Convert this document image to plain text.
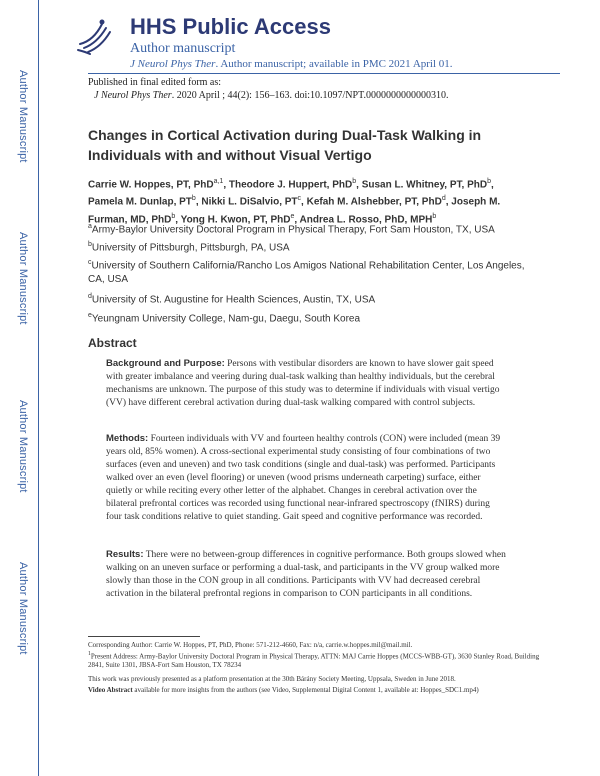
Author Manuscript
Author Manuscript
Author Manuscript
Author Manuscript
HHS Public Access
Author manuscript
J Neurol Phys Ther. Author manuscript; available in PMC 2021 April 01.
Published in final edited form as:
J Neurol Phys Ther. 2020 April ; 44(2): 156–163. doi:10.1097/NPT.0000000000000310.
Changes in Cortical Activation during Dual-Task Walking in Individuals with and without Visual Vertigo
Carrie W. Hoppes, PT, PhD$^{a,1}$, Theodore J. Huppert, PhD$^b$, Susan L. Whitney, PT, PhD$^b$, Pamela M. Dunlap, $PT^b$, Nikki L. DiSalvio, $PT^c$, Kefah M. Alshebber, PT, PhD$^d$, Joseph M. Furman, MD, PhD$^b$, Yong H. Kwon, PT, PhD$^e$, Andrea L. Rosso, PhD, MPH$^b$
$^a$Army-Baylor University Doctoral Program in Physical Therapy, Fort Sam Houston, TX, USA
$^b$University of Pittsburgh, Pittsburgh, PA, USA
$^c$University of Southern California/Rancho Los Amigos National Rehabilitation Center, Los Angeles, CA, USA
$^d$University of St. Augustine for Health Sciences, Austin, TX, USA
$^e$Yeungnam University College, Nam-gu, Daegu, South Korea
Abstract
Background and Purpose: Persons with vestibular disorders are known to have slower gait speed with greater imbalance and veering during dual-task walking than healthy individuals, but the cerebral mechanisms are unknown. The purpose of this study was to determine if individuals with visual vertigo (VV) have different cerebral activation during dual-task walking compared with control subjects.
Methods: Fourteen individuals with VV and fourteen healthy controls (CON) were included (mean 39 years old, 85% women). A cross-sectional experimental study consisting of four combinations of two surfaces (even and uneven) and two task conditions (single and dual-task) was performed. Participants walked over an even (level flooring) or uneven (wood prisms underneath carpeting) surface, either quietly or while reciting every other letter of the alphabet. Changes in cerebral activation over the bilateral prefrontal cortices was recorded using functional near-infrared spectroscopy (fNIRS) during four task conditions relative to quiet standing. Gait speed and cognitive performance was recorded.
Results: There were no between-group differences in cognitive performance. Both groups slowed when walking on an uneven surface or performing a dual-task, and participants in the VV group walked more slowly than those in the CON group in all conditions. Participants with VV had decreased cerebral activation in the bilateral prefrontal regions in comparison to CON participants in all conditions.
Corresponding Author: Carrie W. Hoppes, PT, PhD, Phone: 571-212-4660, Fax: n/a, carrie.w.hoppes.mil@mail.mil.
$^1$Present Address: Army-Baylor University Doctoral Program in Physical Therapy, ATTN: MAJ Carrie Hoppes (MCCS-WBB-GT), 3630 Stanley Road, Building 2841, Suite 1301, JBSA-Fort Sam Houston, TX 78234
This work was previously presented as a platform presentation at the 30th Bárány Society Meeting, Uppsala, Sweden in June 2018.
Video Abstract available for more insights from the authors (see Video, Supplemental Digital Content 1, available at: Hoppes_SDC1.mp4)
